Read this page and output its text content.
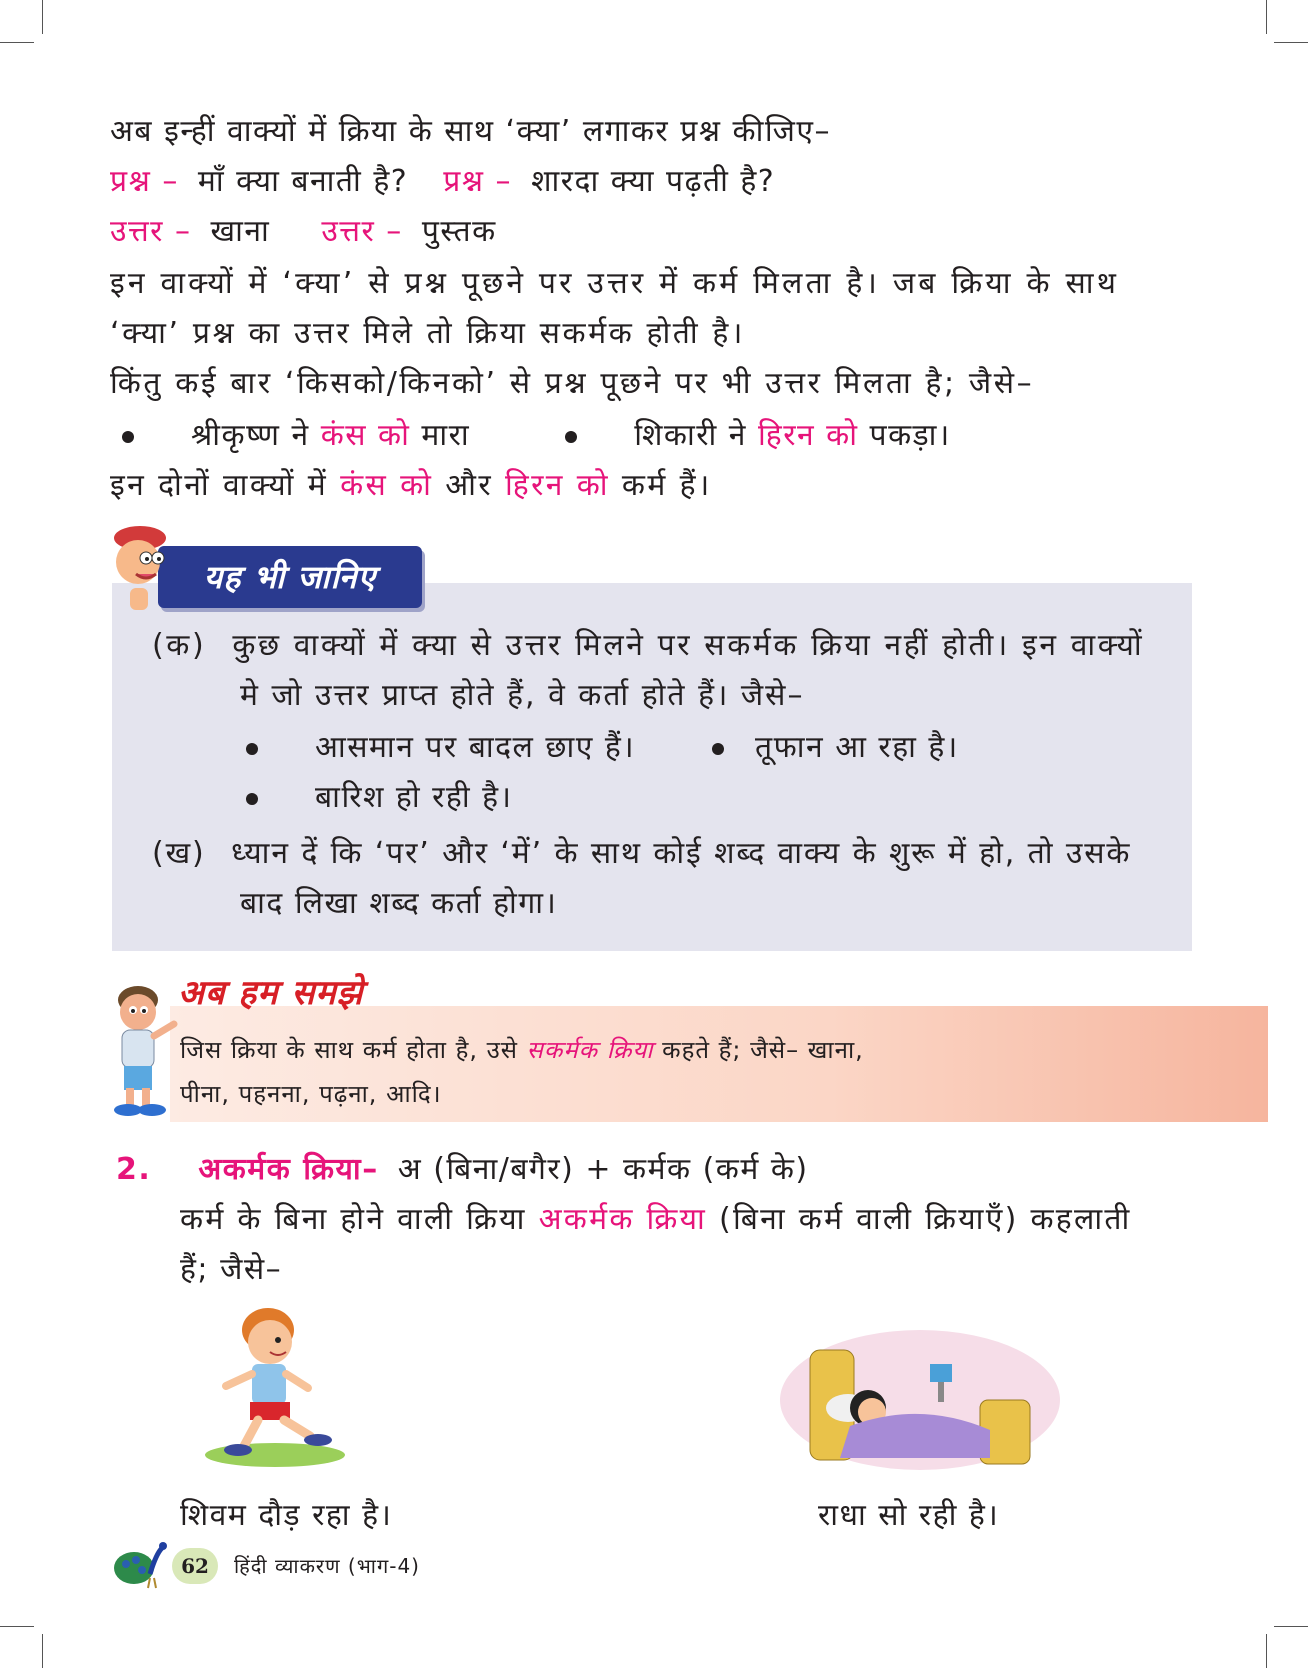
अब इन्हीं वाक्यों में क्रिया के साथ ‘क्या’ लगाकर प्रश्न कीजिए–
प्रश्न – माँ क्या बनाती है? प्रश्न – शारदा क्या पढ़ती है?
उत्तर – खाना उत्तर – पुस्तक
इन वाक्यों में ‘क्या’ से प्रश्न पूछने पर उत्तर में कर्म मिलता है। जब क्रिया के साथ
‘क्या’ प्रश्न का उत्तर मिले तो क्रिया सकर्मक होती है।
किंतु कई बार ‘किसको/किनको’ से प्रश्न पूछने पर भी उत्तर मिलता है; जैसे–
श्रीकृष्ण ने कंस को मारा	शिकारी ने हिरन को पकड़ा।
इन दोनों वाक्यों में कंस को और हिरन को कर्म हैं।
यह भी जानिए
(क) कुछ वाक्यों में क्या से उत्तर मिलने पर सकर्मक क्रिया नहीं होती। इन वाक्यों
मे जो उत्तर प्राप्त होते हैं, वे कर्ता होते हैं। जैसे–
आसमान पर बादल छाए हैं।	तूफान आ रहा है।
बारिश हो रही है।
(ख) ध्यान दें कि ‘पर’ और ‘में’ के साथ कोई शब्द वाक्य के शुरू में हो, तो उसके
बाद लिखा शब्द कर्ता होगा।
अब हम समझे
जिस क्रिया के साथ कर्म होता है, उसे सकर्मक क्रिया कहते हैं; जैसे– खाना,
पीना, पहनना, पढ़ना, आदि।
2. अकर्मक क्रिया– अ (बिना/बगैर) + कर्मक (कर्म के)
कर्म के बिना होने वाली क्रिया अकर्मक क्रिया (बिना कर्म वाली क्रियाएँ) कहलाती
हैं; जैसे–
शिवम दौड़ रहा है।	राधा सो रही है।
62	हिंदी व्याकरण (भाग-4)
